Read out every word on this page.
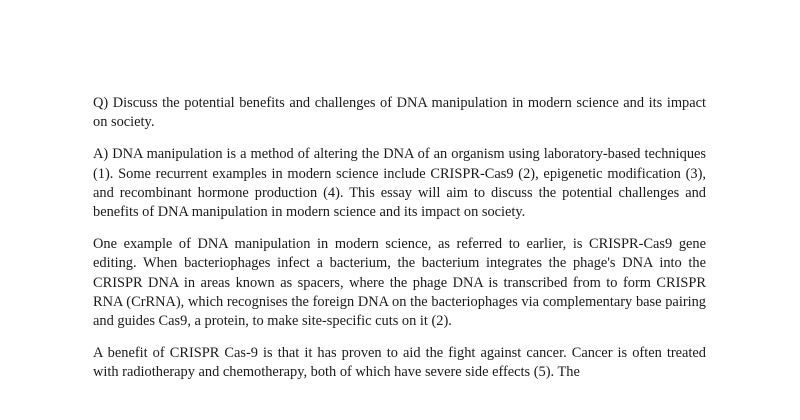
Q) Discuss the potential benefits and challenges of DNA manipulation in modern science and its impact on society.

A) DNA manipulation is a method of altering the DNA of an organism using laboratory-based techniques (1). Some recurrent examples in modern science include CRISPR-Cas9 (2), epigenetic modification (3), and recombinant hormone production (4). This essay will aim to discuss the potential challenges and benefits of DNA manipulation in modern science and its impact on society.

One example of DNA manipulation in modern science, as referred to earlier, is CRISPR-Cas9 gene editing. When bacteriophages infect a bacterium, the bacterium integrates the phage's DNA into the CRISPR DNA in areas known as spacers, where the phage DNA is transcribed from to form CRISPR RNA (CrRNA), which recognises the foreign DNA on the bacteriophages via complementary base pairing and guides Cas9, a protein, to make site-specific cuts on it (2).

A benefit of CRISPR Cas-9 is that it has proven to aid the fight against cancer. Cancer is often treated with radiotherapy and chemotherapy, both of which have severe side effects (5). The
